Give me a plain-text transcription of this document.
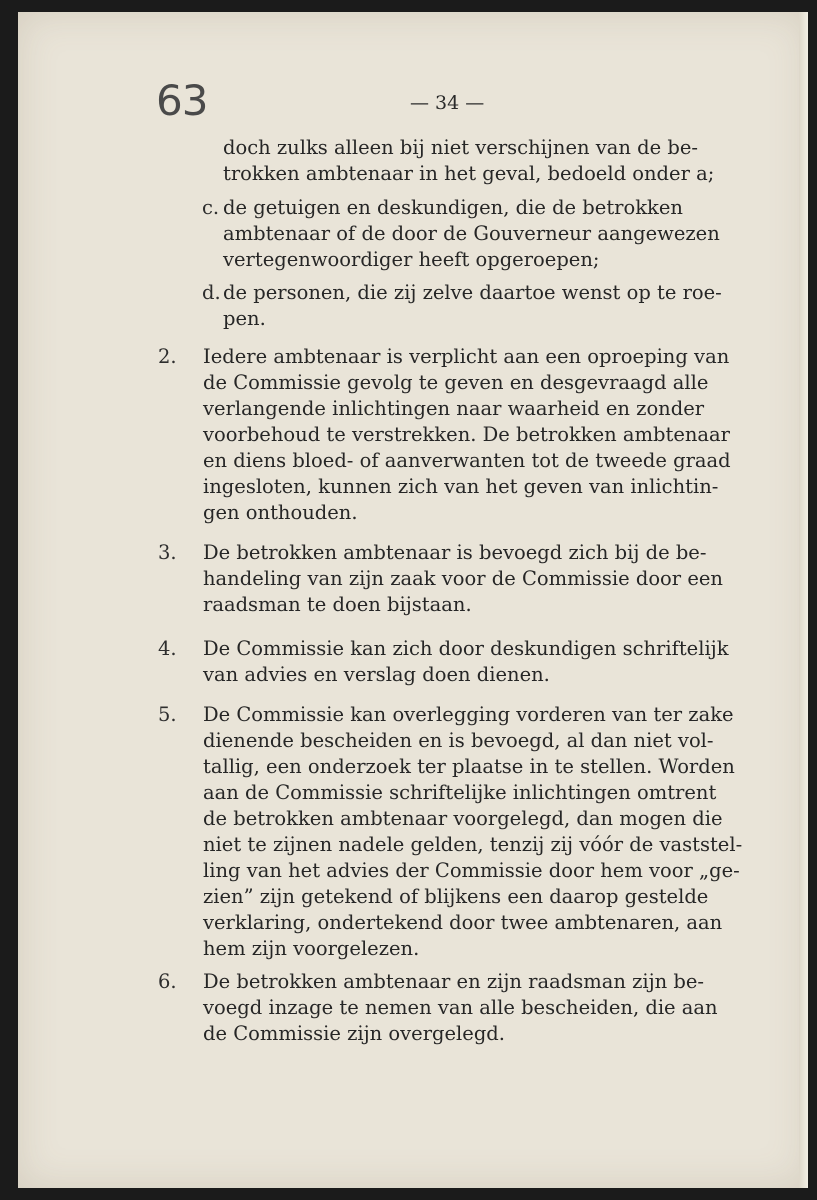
63	— 34 —
doch zulks alleen bij niet verschijnen van de be-
trokken ambtenaar in het geval, bedoeld onder a;
c. de getuigen en deskundigen, die de betrokken
ambtenaar of de door de Gouverneur aangewezen
vertegenwoordiger heeft opgeroepen;
d. de personen, die zij zelve daartoe wenst op te roe-
pen.
2. Iedere ambtenaar is verplicht aan een oproeping van
de Commissie gevolg te geven en desgevraagd alle
verlangende inlichtingen naar waarheid en zonder
voorbehoud te verstrekken. De betrokken ambtenaar
en diens bloed- of aanverwanten tot de tweede graad
ingesloten, kunnen zich van het geven van inlichtin-
gen onthouden.
3. De betrokken ambtenaar is bevoegd zich bij de be-
handeling van zijn zaak voor de Commissie door een
raadsman te doen bijstaan.
4. De Commissie kan zich door deskundigen schriftelijk
van advies en verslag doen dienen.
5. De Commissie kan overlegging vorderen van ter zake
dienende bescheiden en is bevoegd, al dan niet vol-
tallig, een onderzoek ter plaatse in te stellen. Worden
aan de Commissie schriftelijke inlichtingen omtrent
de betrokken ambtenaar voorgelegd, dan mogen die
niet te zijnen nadele gelden, tenzij zij vóór de vaststel-
ling van het advies der Commissie door hem voor „ge-
zien” zijn getekend of blijkens een daarop gestelde
verklaring, ondertekend door twee ambtenaren, aan
hem zijn voorgelezen.
6. De betrokken ambtenaar en zijn raadsman zijn be-
voegd inzage te nemen van alle bescheiden, die aan
de Commissie zijn overgelegd.
